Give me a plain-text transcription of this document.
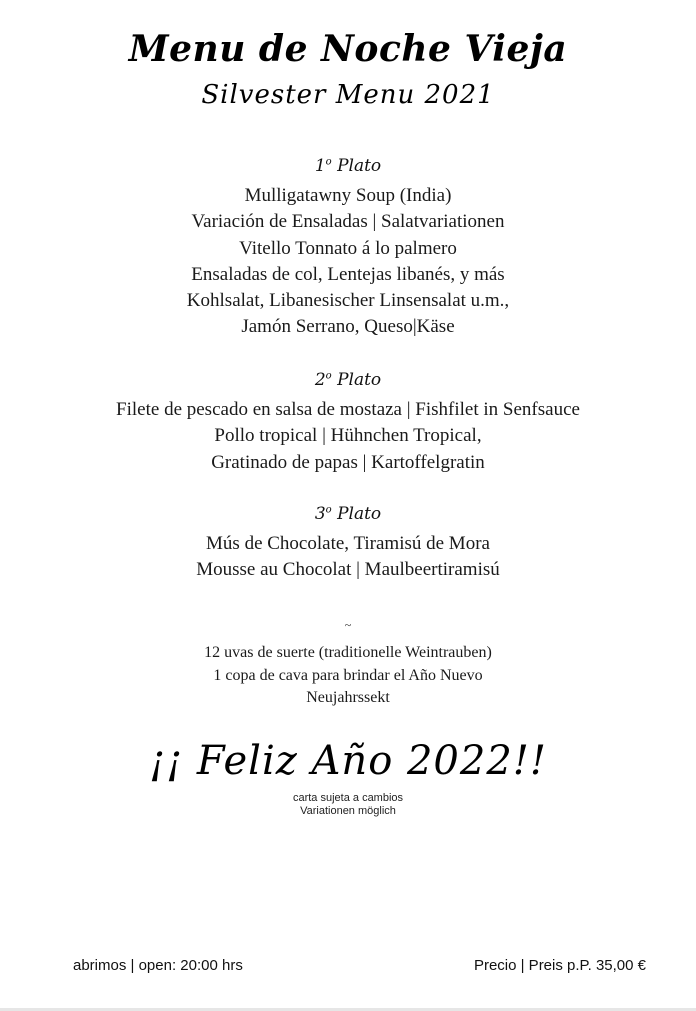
Menu de Noche Vieja
Silvester Menu 2021
1$^o$ Plato
Mulligatawny Soup (India)
Variación de Ensaladas | Salatvariationen
Vitello Tonnato á lo palmero
Ensaladas de col, Lentejas libanés, y más
Kohlsalat, Libanesischer Linsensalat u.m.,
Jamón Serrano, Queso|Käse
2$^o$ Plato
Filete de pescado en salsa de mostaza | Fishfilet in Senfsauce
Pollo tropical | Hühnchen Tropical,
Gratinado de papas | Kartoffelgratin
3$^o$ Plato
Mús de Chocolate, Tiramisú de Mora
Mousse au Chocolat | Maulbeertiramisú
~
12 uvas de suerte (traditionelle Weintrauben)
1 copa de cava para brindar el Año Nuevo
Neujahrssekt
¡¡ Feliz Año 2022!!
carta sujeta a cambios
Variationen möglich
abrimos | open: 20:00 hrs	Precio | Preis p.P. 35,00 €
